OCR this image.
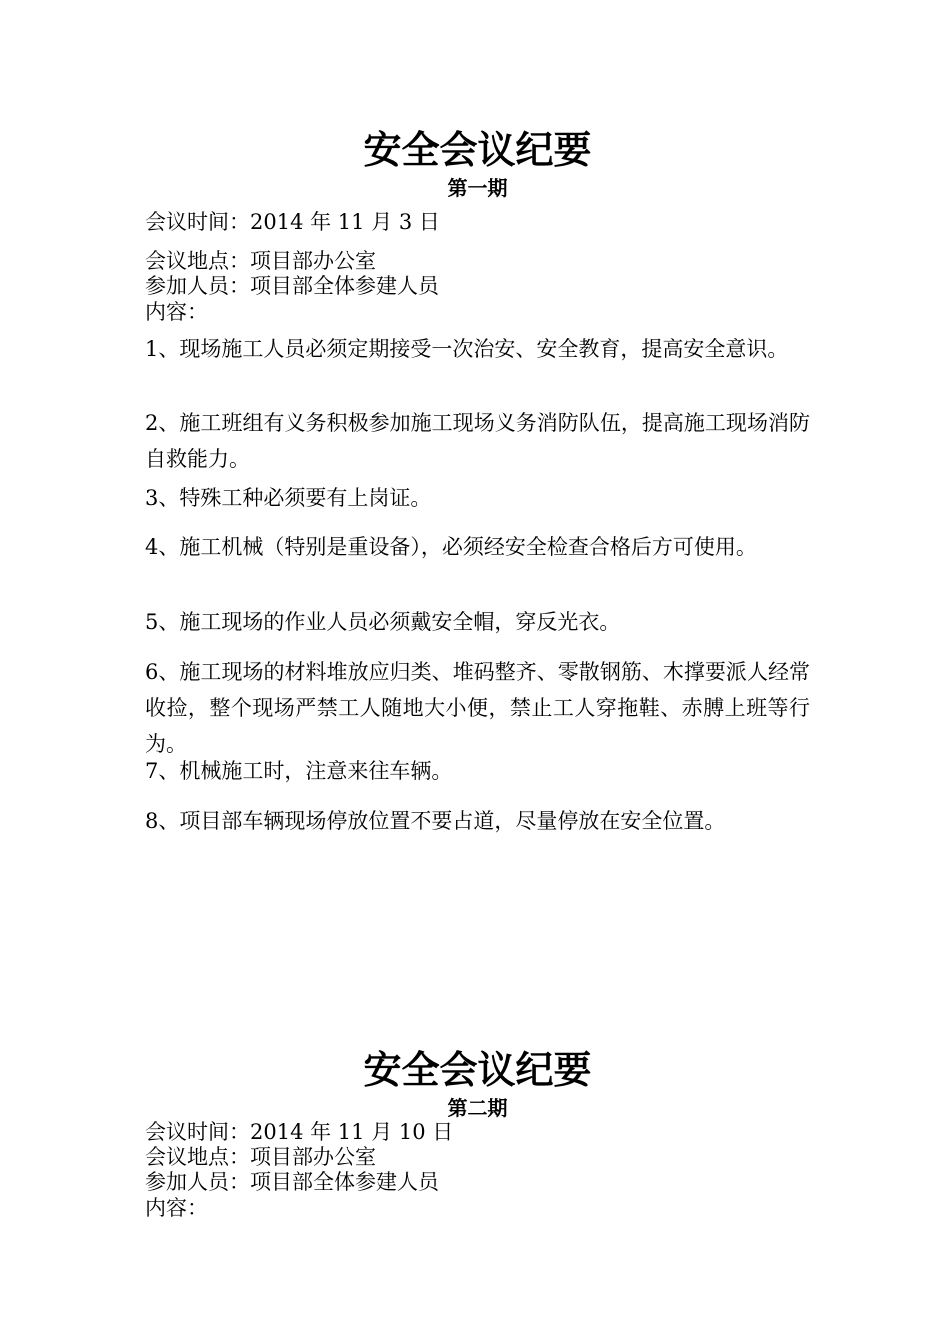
安全会议纪要
第一期
会议时间：2014 年 11 月 3 日
会议地点：项目部办公室
参加人员：项目部全体参建人员
内容：
1、现场施工人员必须定期接受一次治安、安全教育，提高安全意识。
2、施工班组有义务积极参加施工现场义务消防队伍，提高施工现场消防自救能力。
3、特殊工种必须要有上岗证。
4、施工机械（特别是重设备），必须经安全检查合格后方可使用。
5、施工现场的作业人员必须戴安全帽，穿反光衣。
6、施工现场的材料堆放应归类、堆码整齐、零散钢筋、木撑要派人经常收捡，整个现场严禁工人随地大小便，禁止工人穿拖鞋、赤膊上班等行为。
7、机械施工时，注意来往车辆。
8、项目部车辆现场停放位置不要占道，尽量停放在安全位置。
安全会议纪要
第二期
会议时间：2014 年 11 月 10 日
会议地点：项目部办公室
参加人员：项目部全体参建人员
内容：
